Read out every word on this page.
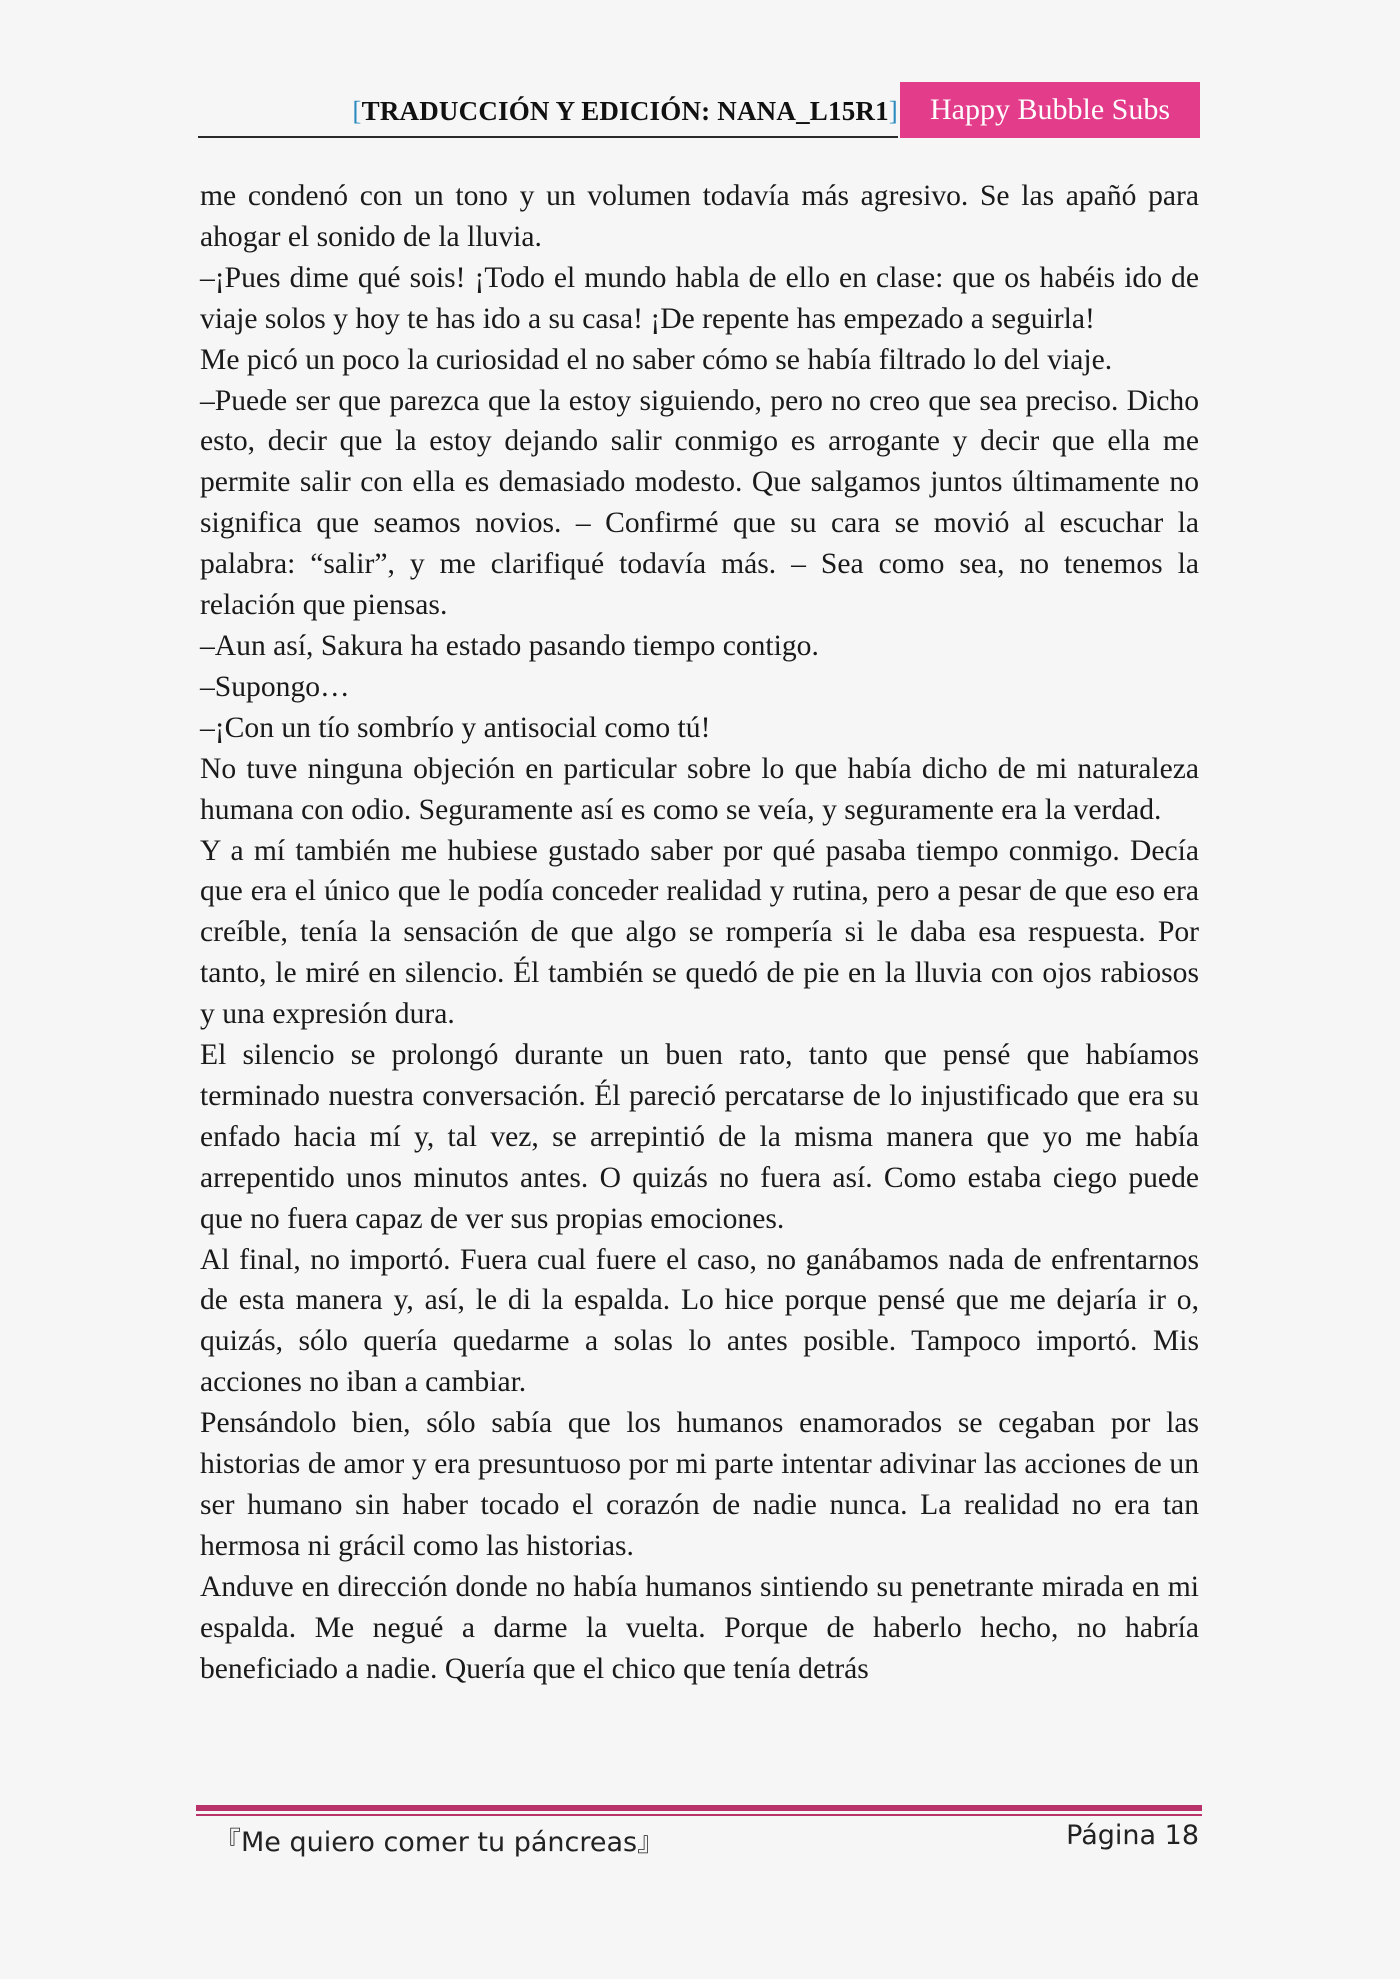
[TRADUCCIÓN Y EDICIÓN: NANA_L15R1]	Happy Bubble Subs

me condenó con un tono y un volumen todavía más agresivo. Se las apañó para ahogar el sonido de la lluvia.

–¡Pues dime qué sois! ¡Todo el mundo habla de ello en clase: que os habéis ido de viaje solos y hoy te has ido a su casa! ¡De repente has empezado a seguirla!

Me picó un poco la curiosidad el no saber cómo se había filtrado lo del viaje.

–Puede ser que parezca que la estoy siguiendo, pero no creo que sea preciso. Dicho esto, decir que la estoy dejando salir conmigo es arrogante y decir que ella me permite salir con ella es demasiado modesto. Que salgamos juntos últimamente no significa que seamos novios. – Confirmé que su cara se movió al escuchar la palabra: “salir”, y me clarifiqué todavía más. – Sea como sea, no tenemos la relación que piensas.

–Aun así, Sakura ha estado pasando tiempo contigo.

–Supongo…

–¡Con un tío sombrío y antisocial como tú!

No tuve ninguna objeción en particular sobre lo que había dicho de mi naturaleza humana con odio. Seguramente así es como se veía, y seguramente era la verdad.

Y a mí también me hubiese gustado saber por qué pasaba tiempo conmigo. Decía que era el único que le podía conceder realidad y rutina, pero a pesar de que eso era creíble, tenía la sensación de que algo se rompería si le daba esa respuesta. Por tanto, le miré en silencio. Él también se quedó de pie en la lluvia con ojos rabiosos y una expresión dura.

El silencio se prolongó durante un buen rato, tanto que pensé que habíamos terminado nuestra conversación. Él pareció percatarse de lo injustificado que era su enfado hacia mí y, tal vez, se arrepintió de la misma manera que yo me había arrepentido unos minutos antes. O quizás no fuera así. Como estaba ciego puede que no fuera capaz de ver sus propias emociones.

Al final, no importó. Fuera cual fuere el caso, no ganábamos nada de enfrentarnos de esta manera y, así, le di la espalda. Lo hice porque pensé que me dejaría ir o, quizás, sólo quería quedarme a solas lo antes posible. Tampoco importó. Mis acciones no iban a cambiar.

Pensándolo bien, sólo sabía que los humanos enamorados se cegaban por las historias de amor y era presuntuoso por mi parte intentar adivinar las acciones de un ser humano sin haber tocado el corazón de nadie nunca. La realidad no era tan hermosa ni grácil como las historias.

Anduve en dirección donde no había humanos sintiendo su penetrante mirada en mi espalda. Me negué a darme la vuelta. Porque de haberlo hecho, no habría beneficiado a nadie. Quería que el chico que tenía detrás

『Me quiero comer tu páncreas』	Página 18
